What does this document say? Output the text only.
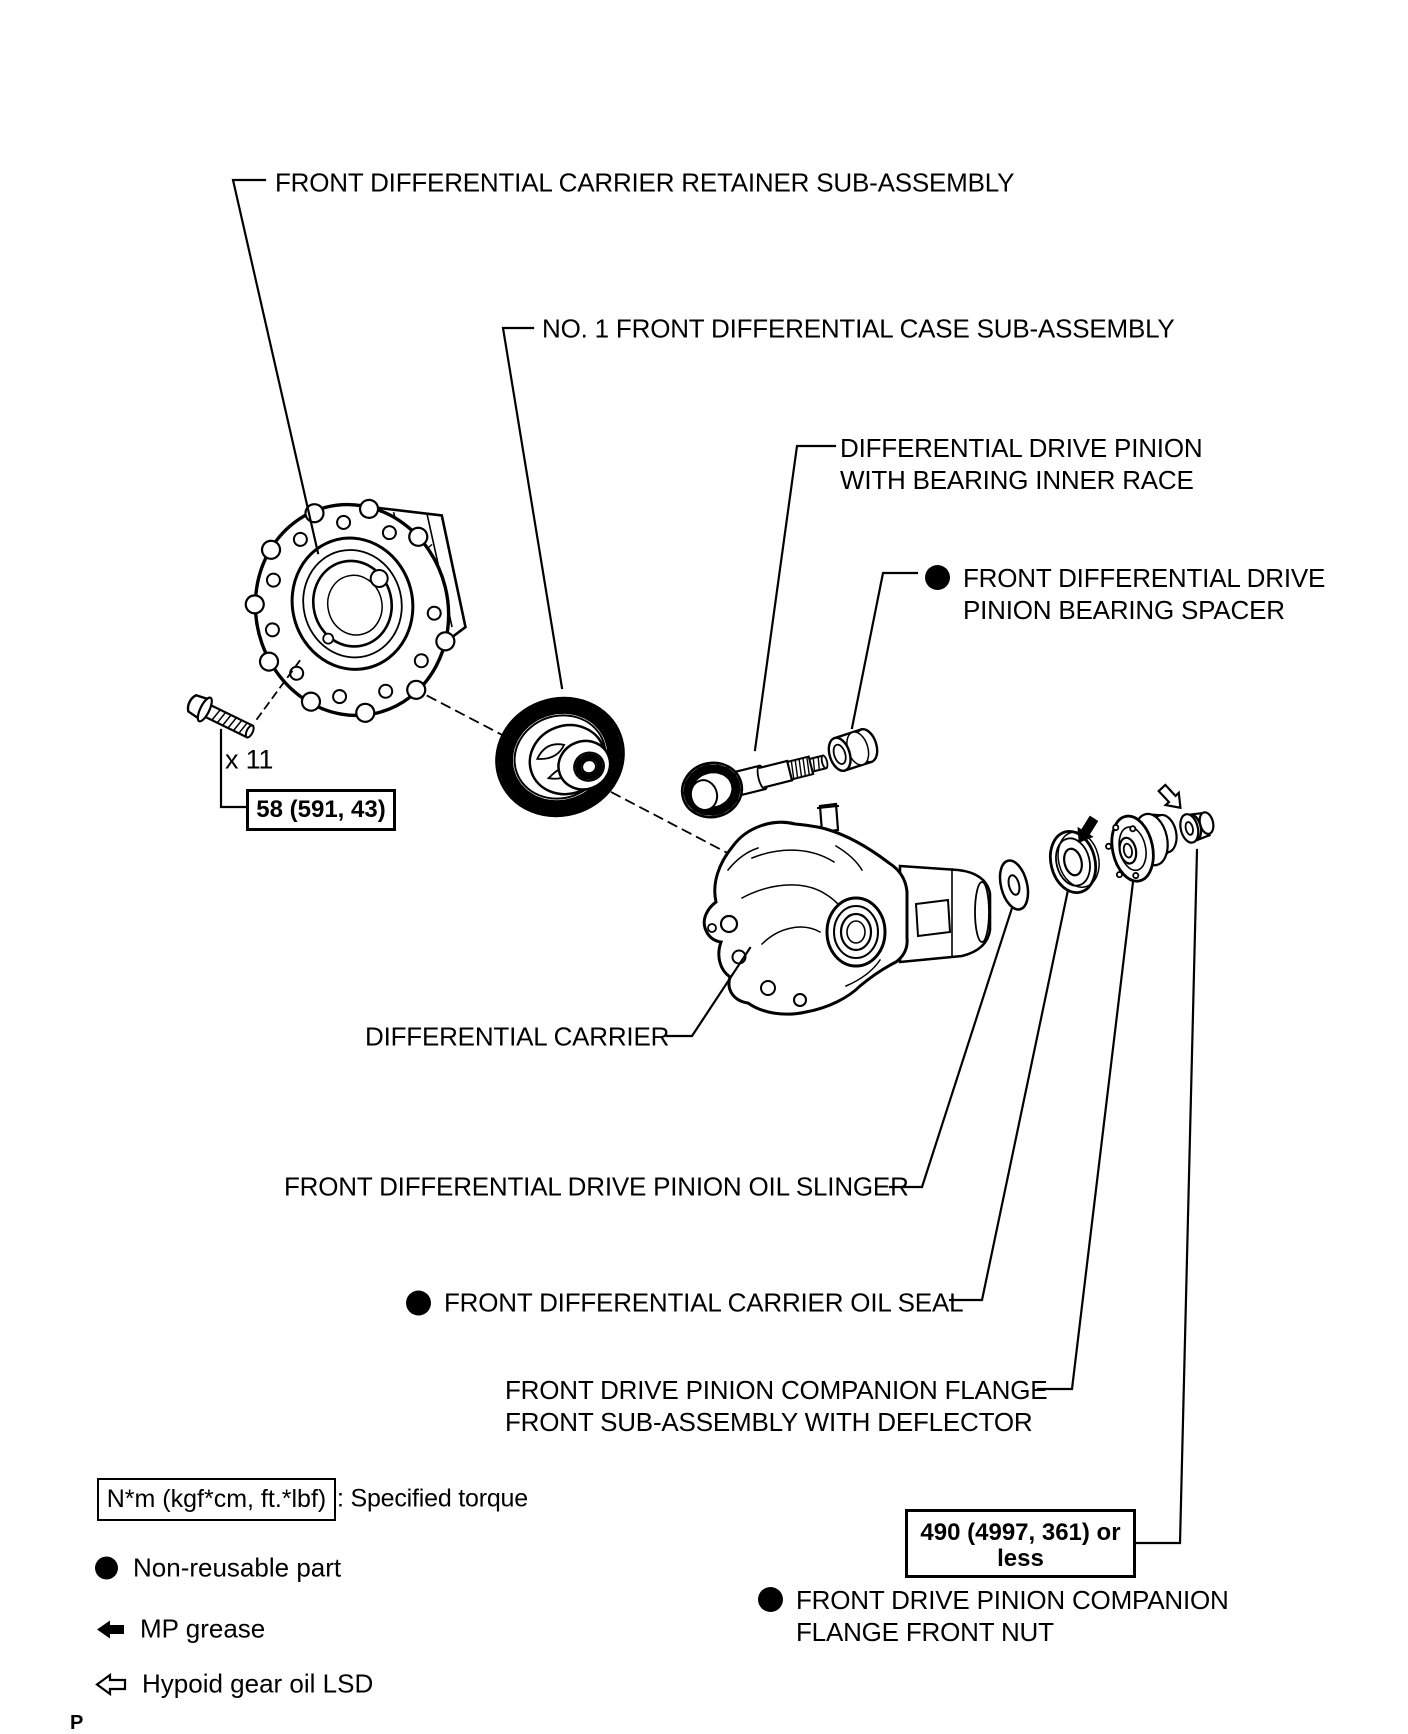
FRONT DIFFERENTIAL CARRIER RETAINER SUB-ASSEMBLY
NO. 1 FRONT DIFFERENTIAL CASE SUB-ASSEMBLY
DIFFERENTIAL DRIVE PINION
WITH BEARING INNER RACE
FRONT DIFFERENTIAL DRIVE
PINION BEARING SPACER
x 11
58 (591, 43)
DIFFERENTIAL CARRIER
FRONT DIFFERENTIAL DRIVE PINION OIL SLINGER
FRONT DIFFERENTIAL CARRIER OIL SEAL
FRONT DRIVE PINION COMPANION FLANGE
FRONT SUB-ASSEMBLY WITH DEFLECTOR
490 (4997, 361) or less
FRONT DRIVE PINION COMPANION
FLANGE FRONT NUT
N*m (kgf*cm, ft.*lbf) : Specified torque
Non-reusable part
MP grease
Hypoid gear oil LSD
P
